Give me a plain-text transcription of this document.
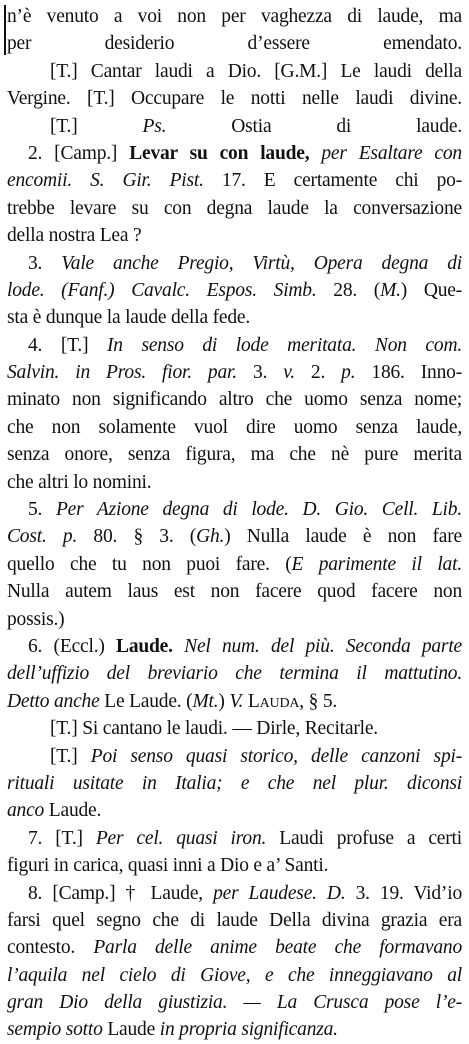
n’è venuto a voi non per vaghezza di laude, ma
per desiderio d’essere emendato.
[T.] Cantar laudi a Dio. [G.M.] Le laudi della
Vergine. [T.] Occupare le notti nelle laudi divine.
[T.] Ps. Ostia di laude.
2. [Camp.] Levar su con laude, per Esaltare con
encomii. S. Gir. Pist. 17. E certamente chi po-
trebbe levare su con degna laude la conversazione
della nostra Lea ?
3. Vale anche Pregio, Virtù, Opera degna di
lode. (Fanf.) Cavalc. Espos. Simb. 28. (M.) Que-
sta è dunque la laude della fede.
4. [T.] In senso di lode meritata. Non com.
Salvin. in Pros. fior. par. 3. v. 2. p. 186. Inno-
minato non significando altro che uomo senza nome;
che non solamente vuol dire uomo senza laude,
senza onore, senza figura, ma che nè pure merita
che altri lo nomini.
5. Per Azione degna di lode. D. Gio. Cell. Lib.
Cost. p. 80. § 3. (Gh.) Nulla laude è non fare
quello che tu non puoi fare. (E parimente il lat.
Nulla autem laus est non facere quod facere non
possis.)
6. (Eccl.) Laude. Nel num. del più. Seconda parte
dell’uffizio del breviario che termina il mattutino.
Detto anche Le Laude. (Mt.) V. Lauda, § 5.
[T.] Si cantano le laudi. — Dirle, Recitarle.
[T.] Poi senso quasi storico, delle canzoni spi-
rituali usitate in Italia; e che nel plur. diconsi
anco Laude.
7. [T.] Per cel. quasi iron. Laudi profuse a certi
figuri in carica, quasi inni a Dio e a’ Santi.
8. [Camp.] † Laude, per Laudese. D. 3. 19. Vid’io
farsi quel segno che di laude Della divina grazia era
contesto. Parla delle anime beate che formavano
l’aquila nel cielo di Giove, e che inneggiavano al
gran Dio della giustizia. — La Crusca pose l’e-
sempio sotto Laude in propria significanza.
